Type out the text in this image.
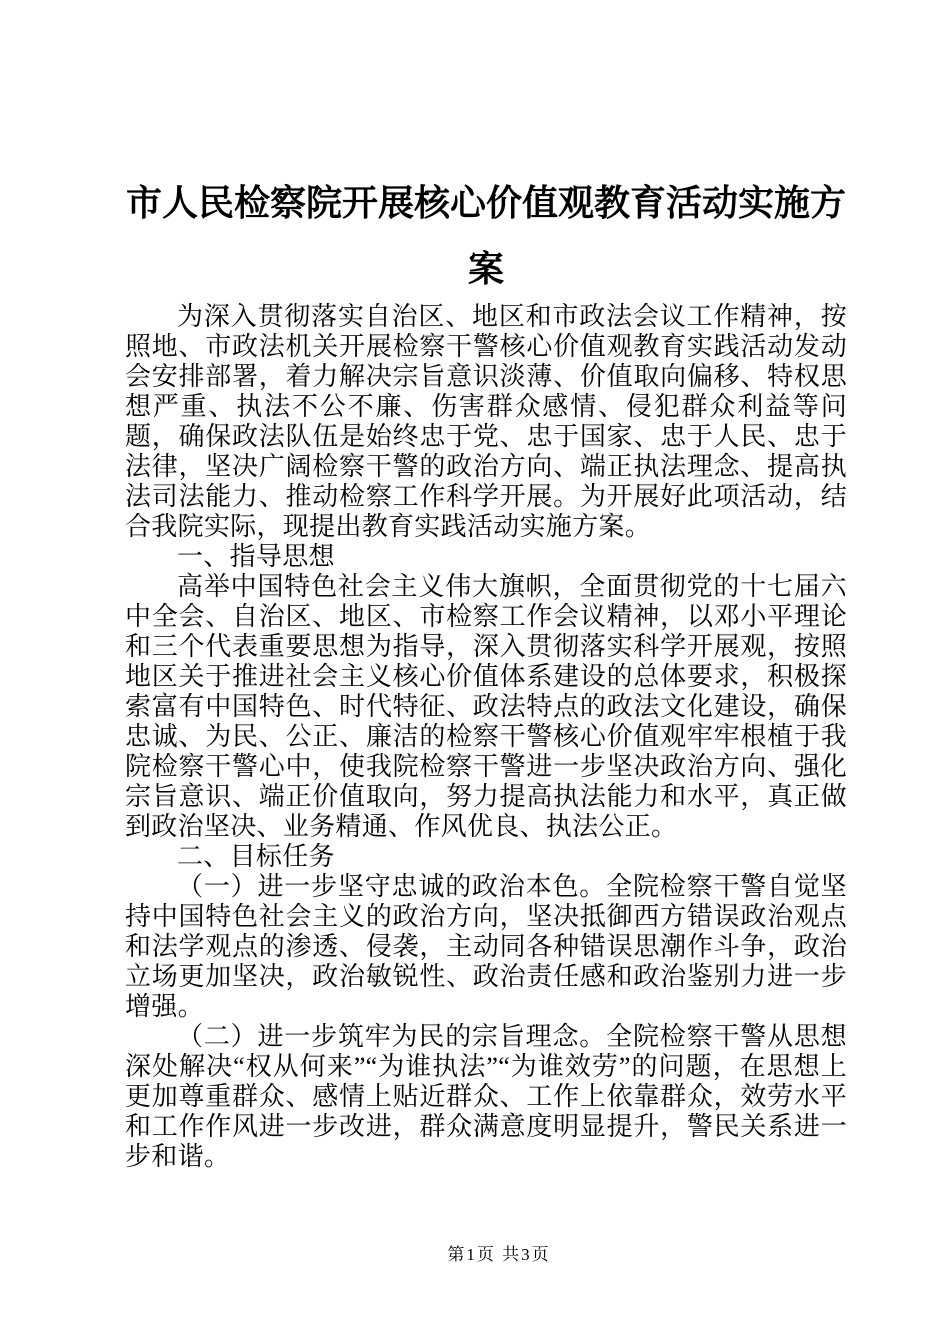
市人民检察院开展核心价值观教育活动实施方案

为深入贯彻落实自治区、地区和市政法会议工作精神，按照地、市政法机关开展检察干警核心价值观教育实践活动发动会安排部署，着力解决宗旨意识淡薄、价值取向偏移、特权思想严重、执法不公不廉、伤害群众感情、侵犯群众利益等问题，确保政法队伍是始终忠于党、忠于国家、忠于人民、忠于法律，坚决广阔检察干警的政治方向、端正执法理念、提高执法司法能力、推动检察工作科学开展。为开展好此项活动，结合我院实际，现提出教育实践活动实施方案。

一、指导思想

高举中国特色社会主义伟大旗帜，全面贯彻党的十七届六中全会、自治区、地区、市检察工作会议精神，以邓小平理论和三个代表重要思想为指导，深入贯彻落实科学开展观，按照地区关于推进社会主义核心价值体系建设的总体要求，积极探索富有中国特色、时代特征、政法特点的政法文化建设，确保忠诚、为民、公正、廉洁的检察干警核心价值观牢牢根植于我院检察干警心中，使我院检察干警进一步坚决政治方向、强化宗旨意识、端正价值取向，努力提高执法能力和水平，真正做到政治坚决、业务精通、作风优良、执法公正。

二、目标任务

（一）进一步坚守忠诚的政治本色。全院检察干警自觉坚持中国特色社会主义的政治方向，坚决抵御西方错误政治观点和法学观点的渗透、侵袭，主动同各种错误思潮作斗争，政治立场更加坚决，政治敏锐性、政治责任感和政治鉴别力进一步增强。

（二）进一步筑牢为民的宗旨理念。全院检察干警从思想深处解决“权从何来”“为谁执法”“为谁效劳”的问题，在思想上更加尊重群众、感情上贴近群众、工作上依靠群众，效劳水平和工作作风进一步改进，群众满意度明显提升，警民关系进一步和谐。

第1页 共3页
